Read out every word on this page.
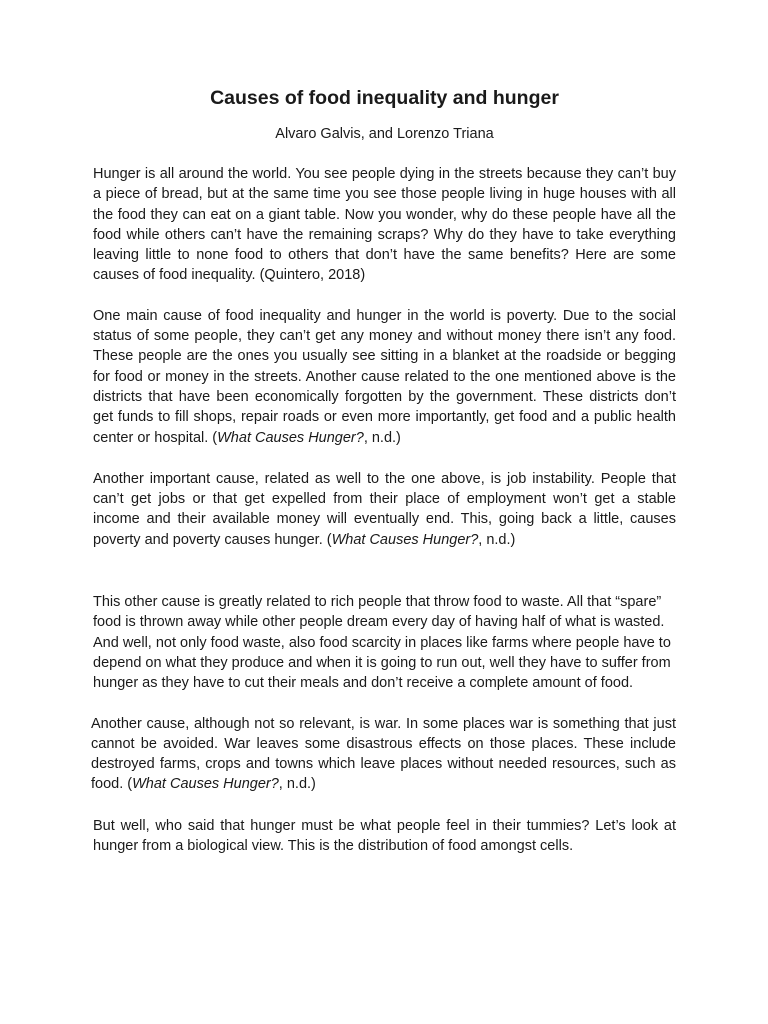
Causes of food inequality and hunger

Alvaro Galvis, and Lorenzo Triana

Hunger is all around the world. You see people dying in the streets because they can’t buy a piece of bread, but at the same time you see those people living in huge houses with all the food they can eat on a giant table. Now you wonder, why do these people have all the food while others can’t have the remaining scraps? Why do they have to take everything leaving little to none food to others that don’t have the same benefits? Here are some causes of food inequality. (Quintero, 2018)

One main cause of food inequality and hunger in the world is poverty. Due to the social status of some people, they can’t get any money and without money there isn’t any food. These people are the ones you usually see sitting in a blanket at the roadside or begging for food or money in the streets. Another cause related to the one mentioned above is the districts that have been economically forgotten by the government. These districts don’t get funds to fill shops, repair roads or even more importantly, get food and a public health center or hospital. (What Causes Hunger?, n.d.)

Another important cause, related as well to the one above, is job instability. People that can’t get jobs or that get expelled from their place of employment won’t get a stable income and their available money will eventually end. This, going back a little, causes poverty and poverty causes hunger. (What Causes Hunger?, n.d.)

This other cause is greatly related to rich people that throw food to waste. All that “spare” food is thrown away while other people dream every day of having half of what is wasted. And well, not only food waste, also food scarcity in places like farms where people have to depend on what they produce and when it is going to run out, well they have to suffer from hunger as they have to cut their meals and don’t receive a complete amount of food.

Another cause, although not so relevant, is war. In some places war is something that just cannot be avoided. War leaves some disastrous effects on those places. These include destroyed farms, crops and towns which leave places without needed resources, such as food. (What Causes Hunger?, n.d.)

But well, who said that hunger must be what people feel in their tummies? Let’s look at hunger from a biological view. This is the distribution of food amongst cells.
